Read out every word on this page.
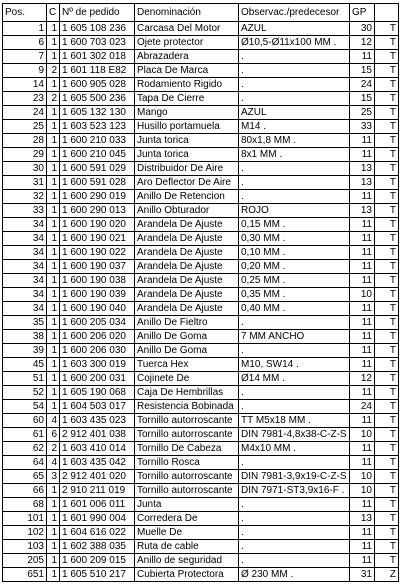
Pos.	C	Nº de pedido	Denominación	Observac./predecesor	GP	
1	1	1 605 108 236	Carcasa Del Motor	AZUL	30	T
6	1	1 600 703 023	Ojete protector	Ø10,5-Ø11x100 MM .	12	T
7	1	1 601 302 018	Abrazadera	.	11	T
9	2	1 601 118 E82	Placa De Marca	.	15	T
14	1	1 600 905 028	Rodamiento Rigido	.	24	T
23	2	1 605 500 236	Tapa De Cierre	.	15	T
24	1	1 605 132 130	Mango	AZUL	25	T
25	1	1 603 523 123	Husillo portamuela	M14 .	33	T
28	1	1 600 210 033	Junta torica	80x1,8 MM .	11	T
29	1	1 600 210 045	Junta torica	8x1 MM .	11	T
30	1	1 600 591 029	Distribuidor De Aire	.	13	T
31	1	1 600 591 028	Aro Deflector De Aire	.	13	T
32	1	1 600 290 019	Anillo De Retencion	.	11	T
33	1	1 600 290 013	Anillo Obturador	ROJO	13	T
34	1	1 600 190 020	Arandela De Ajuste	0,15 MM .	11	T
34	1	1 600 190 021	Arandela De Ajuste	0,30 MM .	11	T
34	1	1 600 190 022	Arandela De Ajuste	0,10 MM .	11	T
34	1	1 600 190 037	Arandela De Ajuste	0,20 MM .	11	T
34	1	1 600 190 038	Arandela De Ajuste	0,25 MM .	11	T
34	1	1 600 190 039	Arandela De Ajuste	0,35 MM .	10	T
34	1	1 600 190 040	Arandela De Ajuste	0,40 MM .	11	T
35	1	1 600 205 034	Anillo De Fieltro	.	11	T
38	1	1 600 206 020	Anillo De Goma	7 MM ANCHO	11	T
39	1	1 600 206 030	Anillo De Goma	.	11	T
45	1	1 603 300 019	Tuerca Hex	M10, SW14 .	11	T
51	1	1 600 200 031	Cojinete De	Ø14 MM .	12	T
52	1	1 605 190 068	Caja De Hembrillas	.	11	T
54	1	1 604 503 017	Resistencia Bobinada	.	24	T
60	4	1 603 435 023	Tornillo autorroscante	TT M5x18 MM .	11	T
61	6	2 912 401 038	Tornillo autorroscante	DIN 7981-4,8x38-C-Z-S	10	T
62	2	1 603 410 014	Tornillo De Cabeza	M4x10 MM .	11	T
64	4	1 603 435 042	Tornillo Rosca	.	11	T
65	3	2 912 401 020	Tornillo autorroscante	DIN 7981-3,9x19-C-Z-S	10	T
66	1	2 910 211 019	Tornillo autorroscante	DIN 7971-ST3,9x16-F .	10	T
68	1	1 601 006 011	Junta	.	11	T
101	1	1 601 990 004	Corredera De	.	13	T
102	1	1 604 616 022	Muelle De	.	11	T
103	1	1 602 388 035	Ruta de cable	.	11	T
205	1	1 600 209 015	Anillo de seguridad	.	11	T
651	1	1 605 510 217	Cubierta Protectora	Ø 230 MM .	31	Z
